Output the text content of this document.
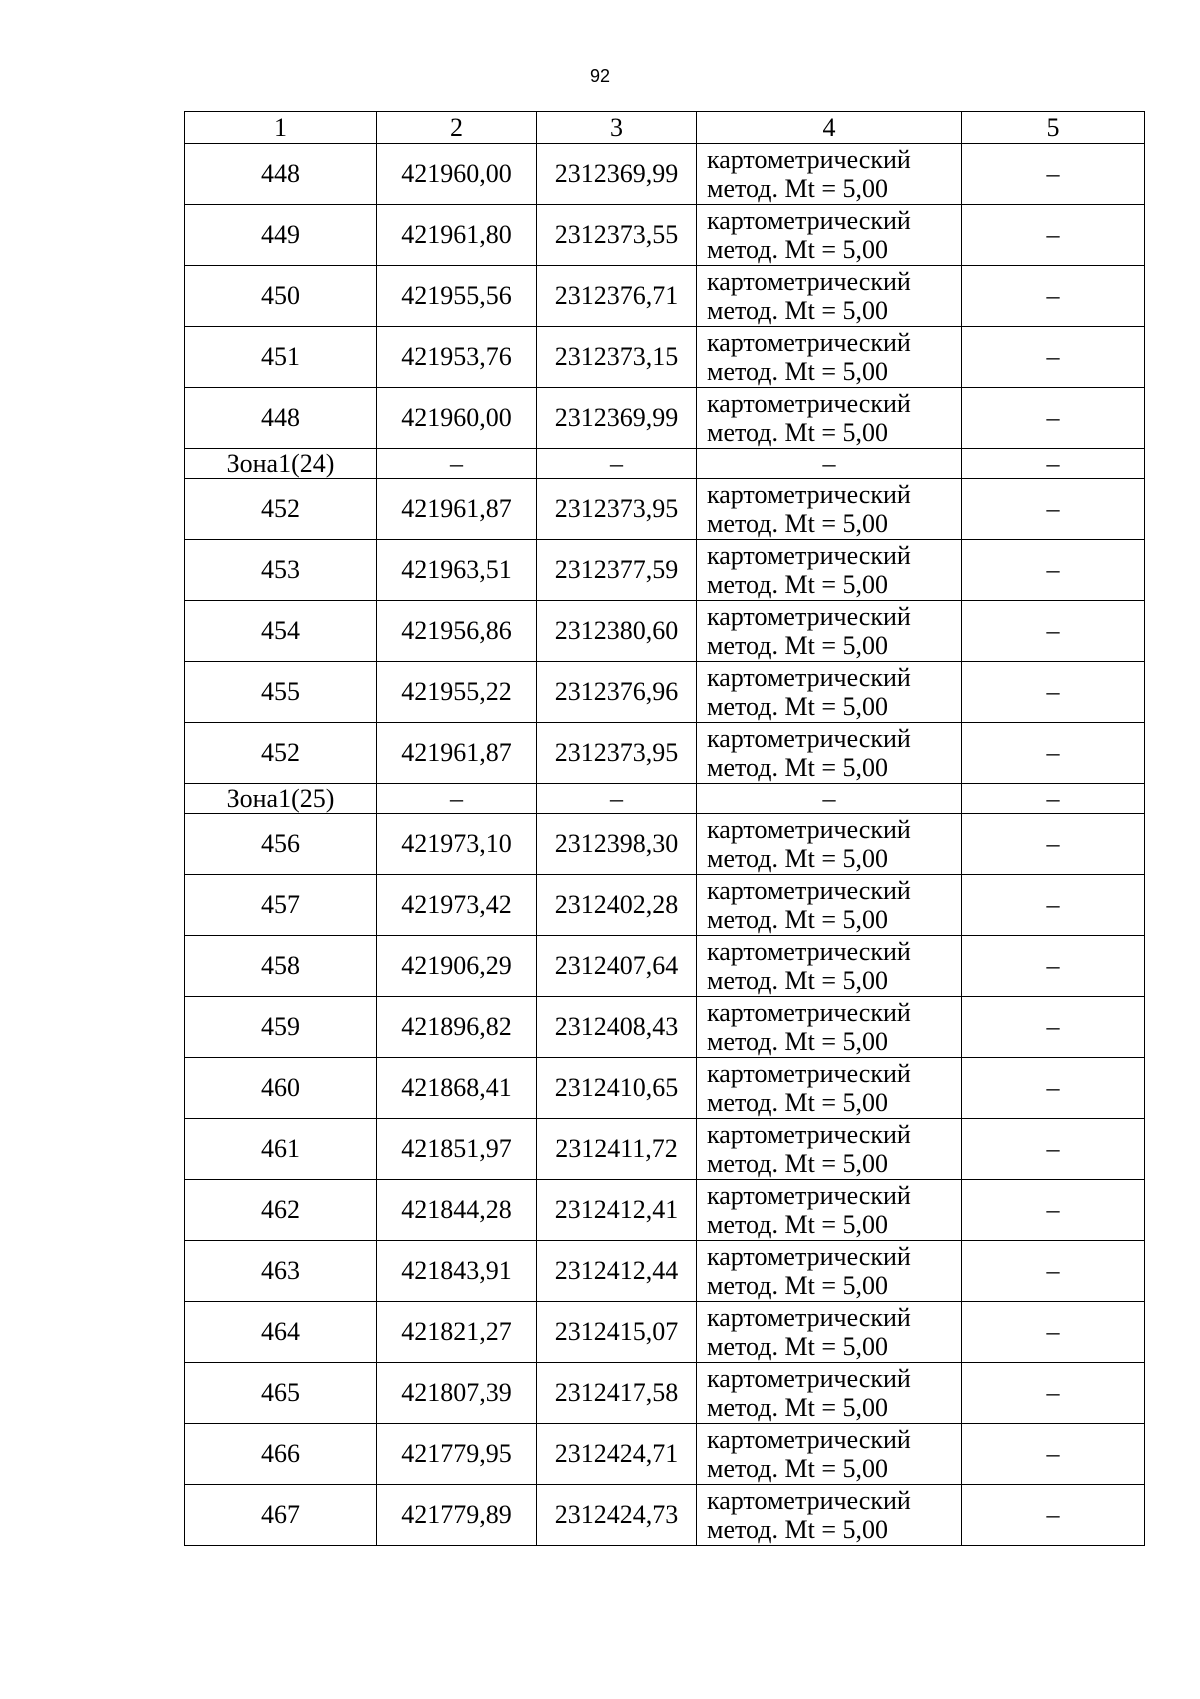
92
1	2	3	4	5
448	421960,00	2312369,99	картометрический
метод. Mt = 5,00	–
449	421961,80	2312373,55	картометрический
метод. Mt = 5,00	–
450	421955,56	2312376,71	картометрический
метод. Mt = 5,00	–
451	421953,76	2312373,15	картометрический
метод. Mt = 5,00	–
448	421960,00	2312369,99	картометрический
метод. Mt = 5,00	–
Зона1(24)	–	–	–	–
452	421961,87	2312373,95	картометрический
метод. Mt = 5,00	–
453	421963,51	2312377,59	картометрический
метод. Mt = 5,00	–
454	421956,86	2312380,60	картометрический
метод. Mt = 5,00	–
455	421955,22	2312376,96	картометрический
метод. Mt = 5,00	–
452	421961,87	2312373,95	картометрический
метод. Mt = 5,00	–
Зона1(25)	–	–	–	–
456	421973,10	2312398,30	картометрический
метод. Mt = 5,00	–
457	421973,42	2312402,28	картометрический
метод. Mt = 5,00	–
458	421906,29	2312407,64	картометрический
метод. Mt = 5,00	–
459	421896,82	2312408,43	картометрический
метод. Mt = 5,00	–
460	421868,41	2312410,65	картометрический
метод. Mt = 5,00	–
461	421851,97	2312411,72	картометрический
метод. Mt = 5,00	–
462	421844,28	2312412,41	картометрический
метод. Mt = 5,00	–
463	421843,91	2312412,44	картометрический
метод. Mt = 5,00	–
464	421821,27	2312415,07	картометрический
метод. Mt = 5,00	–
465	421807,39	2312417,58	картометрический
метод. Mt = 5,00	–
466	421779,95	2312424,71	картометрический
метод. Mt = 5,00	–
467	421779,89	2312424,73	картометрический
метод. Mt = 5,00	–
